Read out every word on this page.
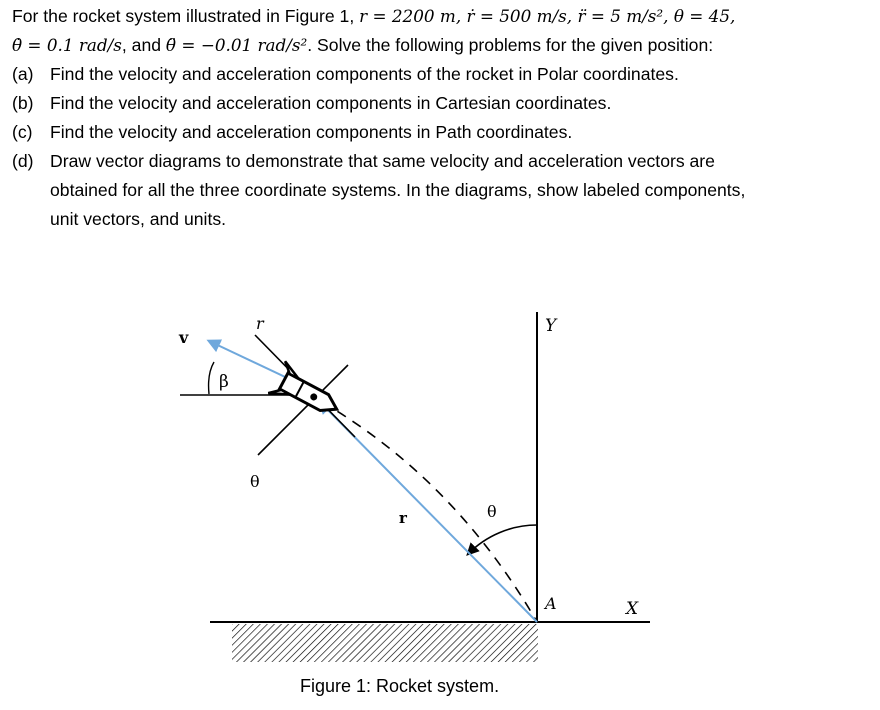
For the rocket system illustrated in Figure 1, r = 2200 m, ṙ = 500 m/s, r̈ = 5 m/s², θ = 45,
θ̇ = 0.1 rad/s, and θ̈ = −0.01 rad/s². Solve the following problems for the given position:
(a) Find the velocity and acceleration components of the rocket in Polar coordinates.
(b) Find the velocity and acceleration components in Cartesian coordinates.
(c) Find the velocity and acceleration components in Path coordinates.
(d) Draw vector diagrams to demonstrate that same velocity and acceleration vectors are
obtained for all the three coordinate systems. In the diagrams, show labeled components,
unit vectors, and units.
v
β
r
θ
r	θ
Y
X
A
Figure 1: Rocket system.
